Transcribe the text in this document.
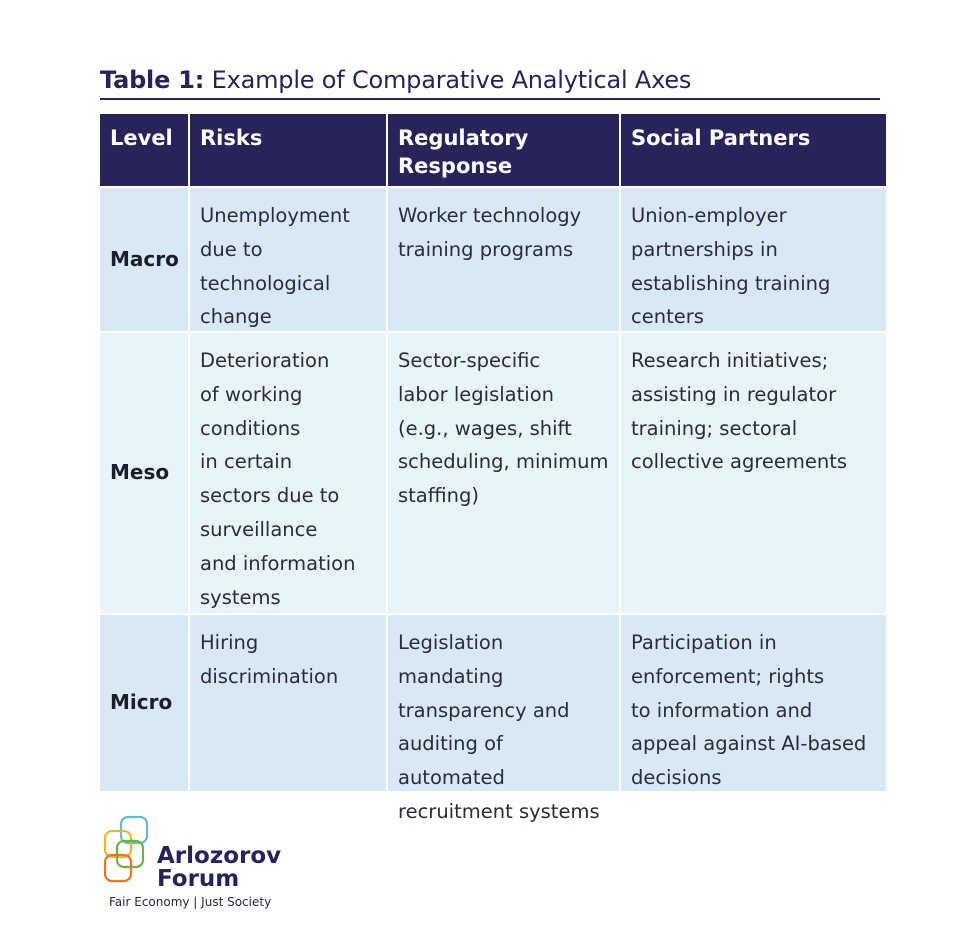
Table 1: Example of Comparative Analytical Axes
Level	Risks	Regulatory
Response
Social Partners
Macro
Unemployment
due to
technological
change
Worker technology
training programs
Union-employer
partnerships in
establishing training
centers
Meso
Deterioration
of working
conditions
in certain
sectors due to
surveillance
and information
systems
Sector-specific
labor legislation
(e.g., wages, shift
scheduling, minimum
staffing)
Research initiatives;
assisting in regulator
training; sectoral
collective agreements
Micro
Hiring
discrimination
Legislation
mandating
transparency and
auditing of automated
recruitment systems
Participation in
enforcement; rights
to information and
appeal against AI-based
decisions
Arlozorov
Forum
Fair Economy | Just Society
